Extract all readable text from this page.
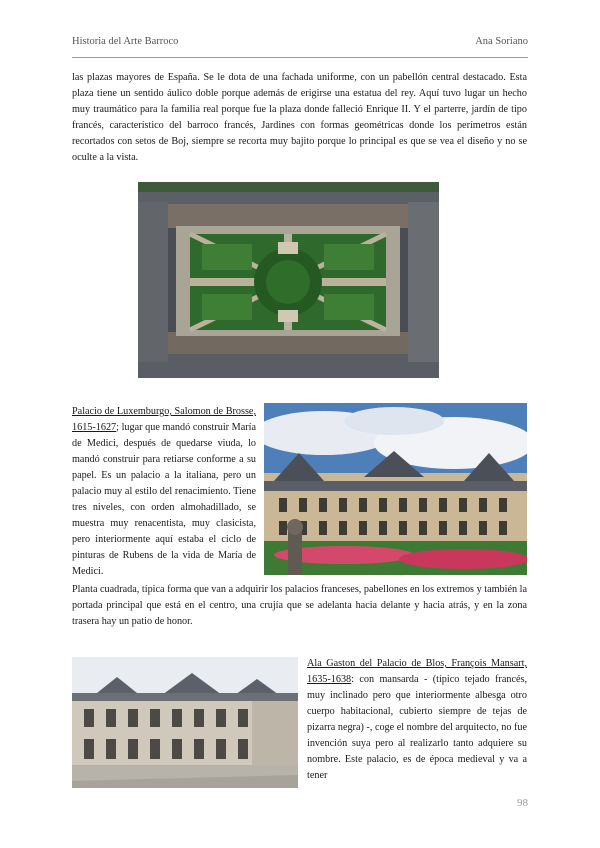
Historia del Arte Barroco	Ana Soriano

las plazas mayores de España. Se le dota de una fachada uniforme, con un pabellón central destacado. Esta plaza tiene un sentido áulico doble porque además de erigirse una estatua del rey. Aquí tuvo lugar un hecho muy traumático para la familia real porque fue la plaza donde falleció Enrique II. Y el parterre, jardín de tipo francés, característico del barroco francés, Jardines con formas geométricas donde los perímetros están recortados con setos de Boj, siempre se recorta muy bajito porque lo principal es que se vea el diseño y no se oculte a la vista.

Palacio de Luxemburgo, Salomon de Brosse, 1615-1627; lugar que mandó construir María de Medici, después de quedarse viuda, lo mandó construir para retiarse conforme a su papel. Es un palacio a la italiana, pero un palacio muy al estilo del renacimiento. Tiene tres niveles, con orden almohadillado, se muestra muy renacentista, muy clasicista, pero interiormente aquí estaba el ciclo de pinturas de Rubens de la vida de María de Medici.

Planta cuadrada, típica forma que van a adquirir los palacios franceses, pabellones en los extremos y también la portada principal que está en el centro, una crujía que se adelanta hacia delante y hacia atrás, y en la zona trasera hay un patio de honor.

Ala Gaston del Palacio de Blos, François Mansart, 1635-1638: con mansarda - (típico tejado francés, muy inclinado pero que interiormente albesga otro cuerpo habitacional, cubierto siempre de tejas de pizarra negra) -, coge el nombre del arquitecto, no fue invención suya pero al realizarlo tanto adquiere su nombre. Este palacio, es de época medieval y va a tener

98
